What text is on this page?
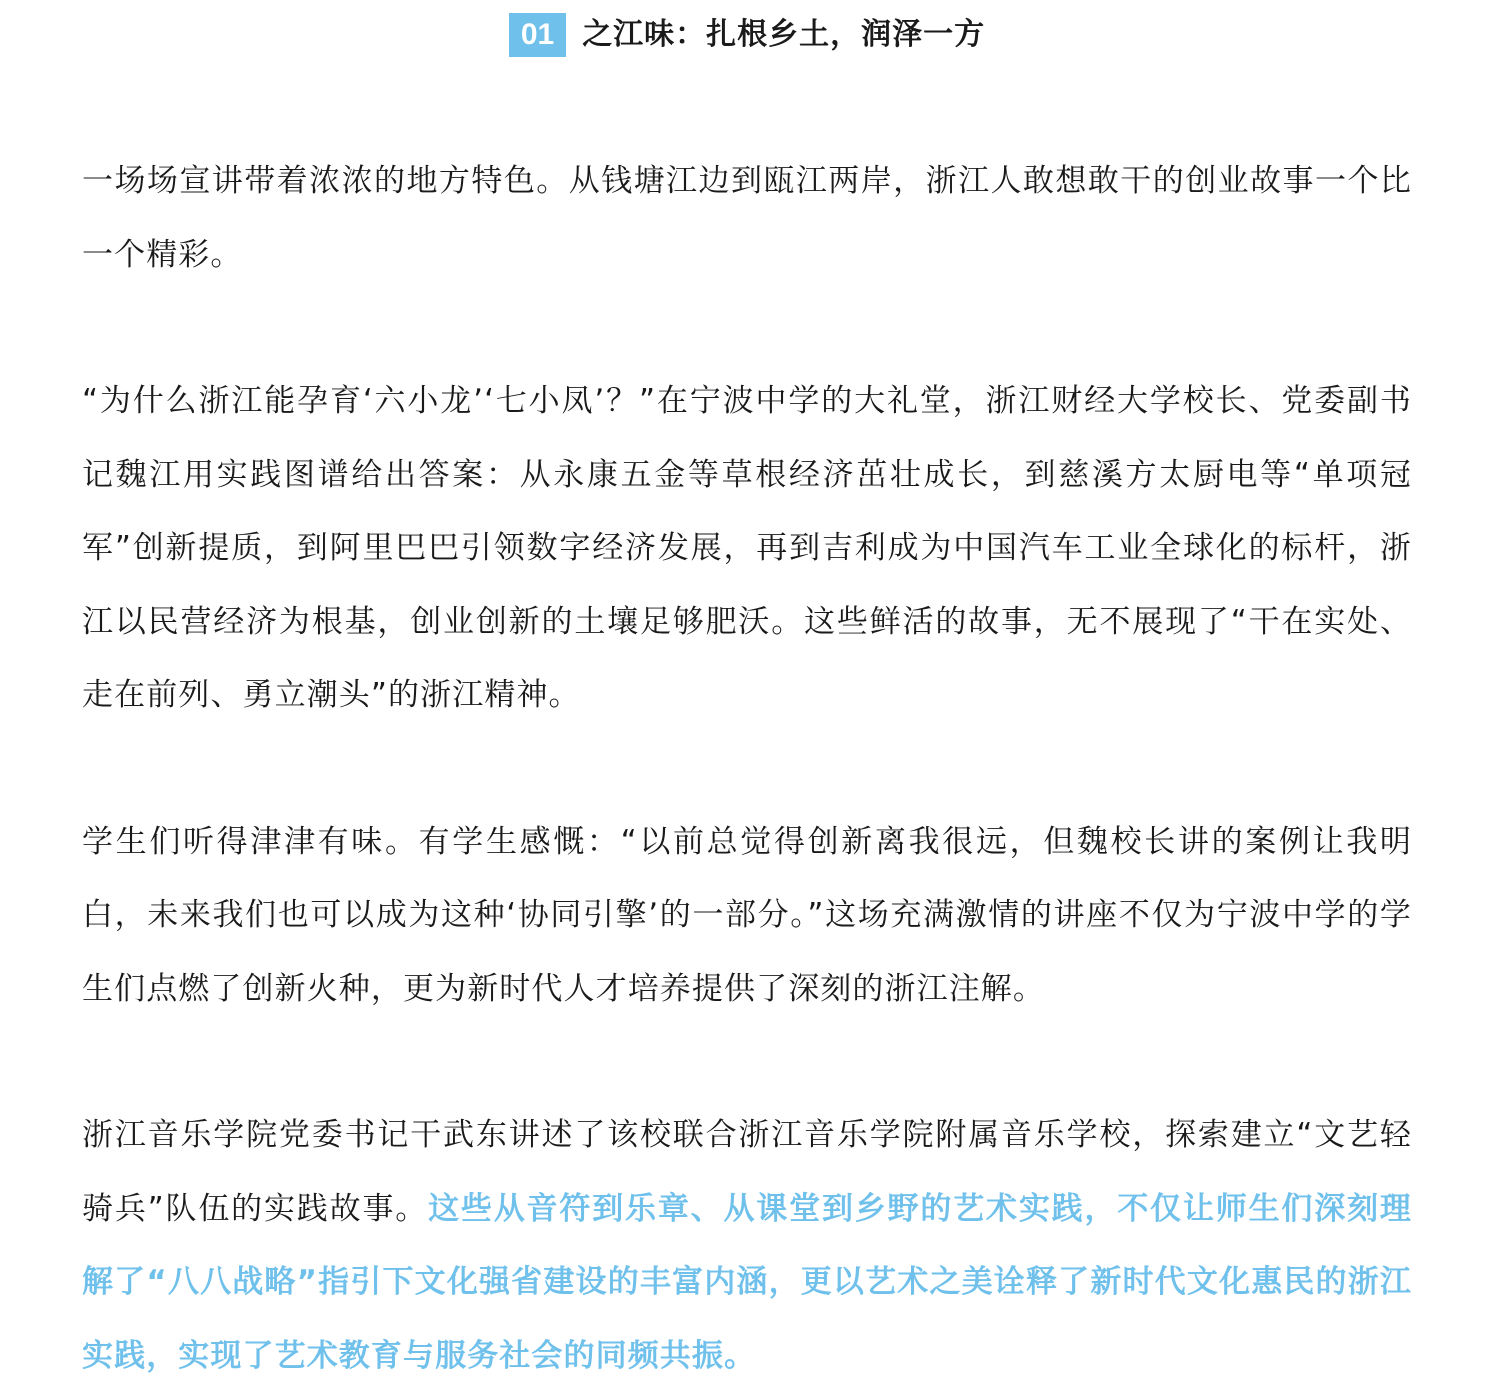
01 之江味：扎根乡土，润泽一方

一场场宣讲带着浓浓的地方特色。从钱塘江边到瓯江两岸，浙江人敢想敢干的创业故事一个比一个精彩。

“为什么浙江能孕育‘六小龙’‘七小凤’？”在宁波中学的大礼堂，浙江财经大学校长、党委副书记魏江用实践图谱给出答案：从永康五金等草根经济茁壮成长，到慈溪方太厨电等“单项冠军”创新提质，到阿里巴巴引领数字经济发展，再到吉利成为中国汽车工业全球化的标杆，浙江以民营经济为根基，创业创新的土壤足够肥沃。这些鲜活的故事，无不展现了“干在实处、走在前列、勇立潮头”的浙江精神。

学生们听得津津有味。有学生感慨：“以前总觉得创新离我很远，但魏校长讲的案例让我明白，未来我们也可以成为这种‘协同引擎’的一部分。”这场充满激情的讲座不仅为宁波中学的学生们点燃了创新火种，更为新时代人才培养提供了深刻的浙江注解。

浙江音乐学院党委书记干武东讲述了该校联合浙江音乐学院附属音乐学校，探索建立“文艺轻骑兵”队伍的实践故事。这些从音符到乐章、从课堂到乡野的艺术实践，不仅让师生们深刻理解了“八八战略”指引下文化强省建设的丰富内涵，更以艺术之美诠释了新时代文化惠民的浙江实践，实现了艺术教育与服务社会的同频共振。
